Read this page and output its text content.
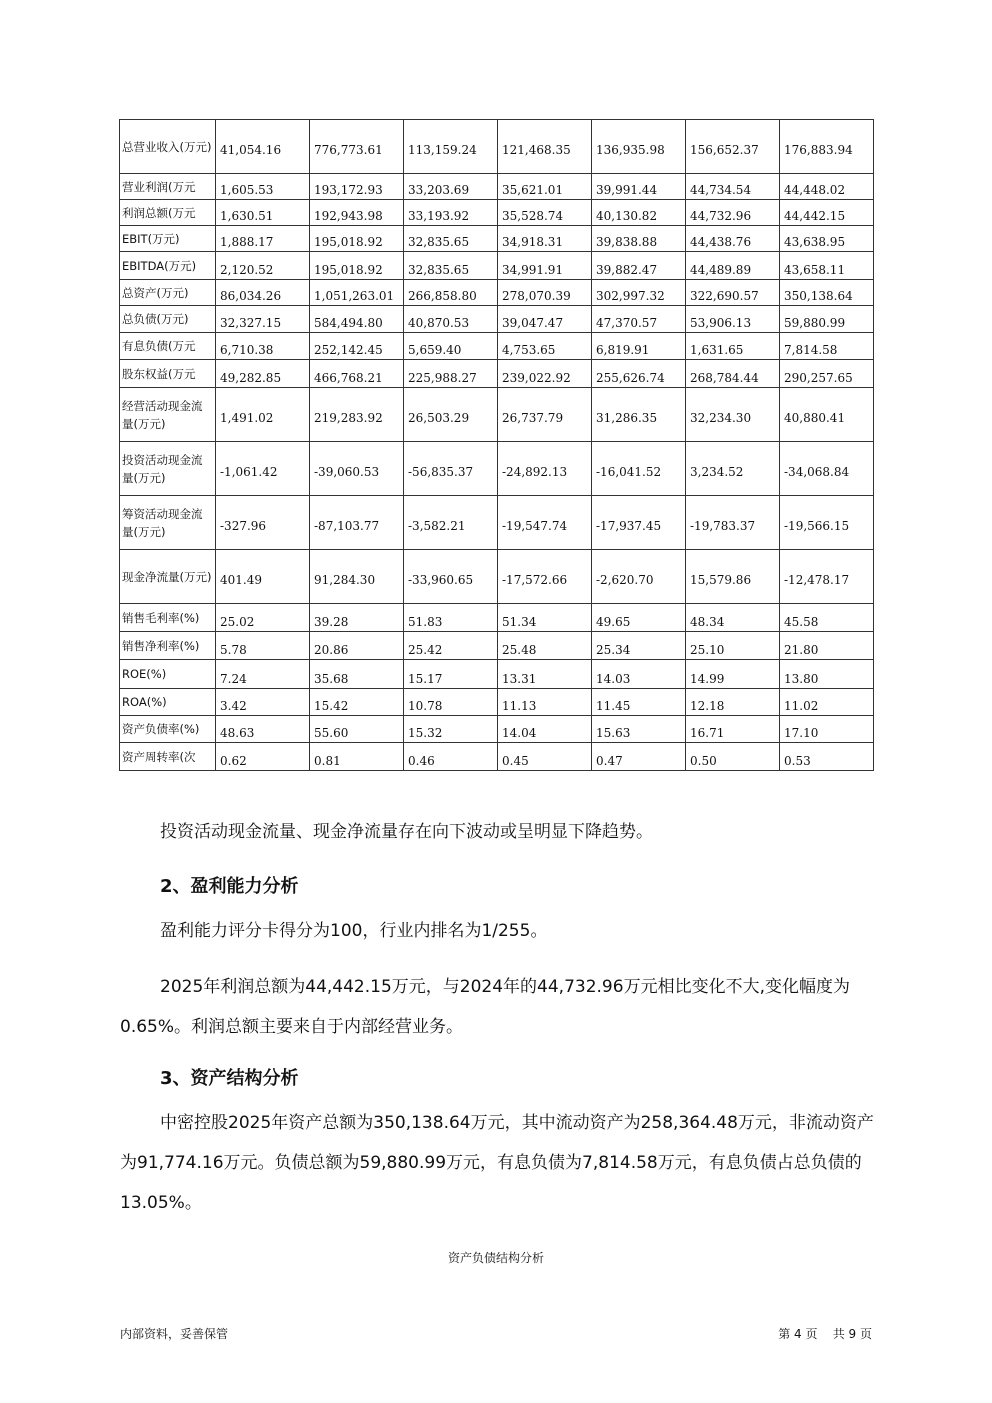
总营业收入(万元)	41,054.16	776,773.61	113,159.24	121,468.35	136,935.98	156,652.37	176,883.94
营业利润(万元	1,605.53	193,172.93	33,203.69	35,621.01	39,991.44	44,734.54	44,448.02
利润总额(万元	1,630.51	192,943.98	33,193.92	35,528.74	40,130.82	44,732.96	44,442.15
EBIT(万元)	1,888.17	195,018.92	32,835.65	34,918.31	39,838.88	44,438.76	43,638.95
EBITDA(万元)	2,120.52	195,018.92	32,835.65	34,991.91	39,882.47	44,489.89	43,658.11
总资产(万元)	86,034.26	1,051,263.01	266,858.80	278,070.39	302,997.32	322,690.57	350,138.64
总负债(万元)	32,327.15	584,494.80	40,870.53	39,047.47	47,370.57	53,906.13	59,880.99
有息负债(万元	6,710.38	252,142.45	5,659.40	4,753.65	6,819.91	1,631.65	7,814.58
股东权益(万元	49,282.85	466,768.21	225,988.27	239,022.92	255,626.74	268,784.44	290,257.65
经营活动现金流量(万元)	1,491.02	219,283.92	26,503.29	26,737.79	31,286.35	32,234.30	40,880.41
投资活动现金流量(万元)	-1,061.42	-39,060.53	-56,835.37	-24,892.13	-16,041.52	3,234.52	-34,068.84
筹资活动现金流量(万元)	-327.96	-87,103.77	-3,582.21	-19,547.74	-17,937.45	-19,783.37	-19,566.15
现金净流量(万元)	401.49	91,284.30	-33,960.65	-17,572.66	-2,620.70	15,579.86	-12,478.17
销售毛利率(%)	25.02	39.28	51.83	51.34	49.65	48.34	45.58
销售净利率(%)	5.78	20.86	25.42	25.48	25.34	25.10	21.80
ROE(%)	7.24	35.68	15.17	13.31	14.03	14.99	13.80
ROA(%)	3.42	15.42	10.78	11.13	11.45	12.18	11.02
资产负债率(%)	48.63	55.60	15.32	14.04	15.63	16.71	17.10
资产周转率(次	0.62	0.81	0.46	0.45	0.47	0.50	0.53
投资活动现金流量、现金净流量存在向下波动或呈明显下降趋势。
2、盈利能力分析
盈利能力评分卡得分为100，行业内排名为1/255。
2025年利润总额为44,442.15万元，与2024年的44,732.96万元相比变化不大,变化幅度为0.65%。利润总额主要来自于内部经营业务。
3、资产结构分析
中密控股2025年资产总额为350,138.64万元，其中流动资产为258,364.48万元，非流动资产为91,774.16万元。负债总额为59,880.99万元，有息负债为7,814.58万元，有息负债占总负债的13.05%。
资产负债结构分析
内部资料，妥善保管	第 4 页    共 9 页
